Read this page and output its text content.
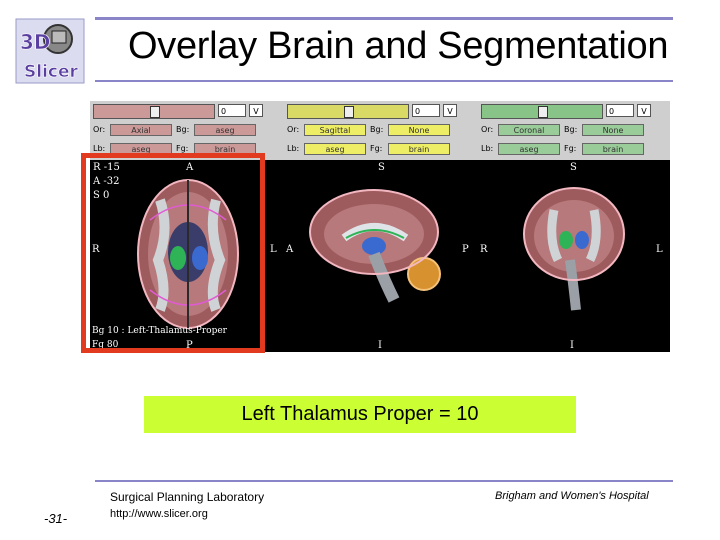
3D
Slicer
Overlay Brain and Segmentation
0	V
Or:	Axial	Bg:	aseg
Lb:	aseg	Fg:	brain
0	V
Or:	Sagittal	Bg:	None
Lb:	aseg	Fg:	brain
0	V
Or:	Coronal	Bg:	None
Lb:	aseg	Fg:	brain
R -15
A -32
S 0
A
R	L
P
Bg 10 : Left-Thalamus-Proper
Fg 80
S
A	P
I
S
R	L
I
Left Thalamus Proper = 10
Surgical Planning Laboratory
http://www.slicer.org
Brigham and Women's Hospital
-31-
